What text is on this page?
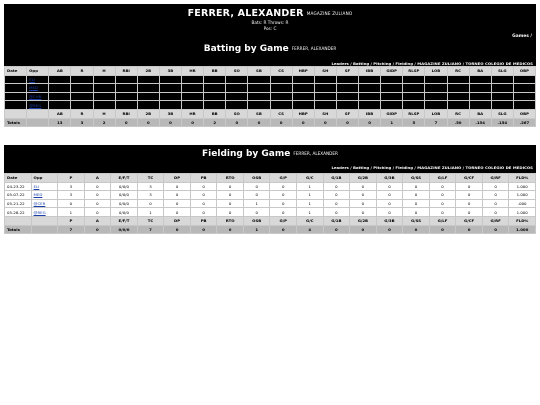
FERRER, ALEXANDER MAGAZINE ZULIANO
Bats: R Throws: R
Pos: C
Games /
Batting by Game FERRER, ALEXANDER
Leaders / Batting / Pitching / Fielding / MAGAZINE ZULIANO / TORNEO COLEGIO DE MEDICOS
Date	Opp	AB	R	H	RBI	2B	3B	HR	BB	SO	SB	CS	HBP	SH	SF	IBB	GIDP	RLSP	LOB	RC	BA	SLG	OBP
04-23-22	ELI	4	1	2	0	0	0	0	0	0	0	0	0	0	0	0	0	0	1	1.00	.500	.500	.500
05-07-22	MED	3	1	0	0	0	0	0	1	0	0	0	0	0	0	0	1	2	2	.00	.000	.000	.250
05-21-22	@CHR	2	1	0	0	0	0	0	0	0	0	0	0	0	0	0	0	0	0	.00	.000	.000	.000
05-28-22	@REG	4	0	0	0	0	0	0	1	0	0	0	0	0	0	0	0	3	4	.05	.000	.000	.000
		AB	R	H	RBI	2B	3B	HR	BB	SO	SB	CS	HBP	SH	SF	IBB	GIDP	RLSP	LOB	RC	BA	SLG	OBP
Totals		13	3	2	0	0	0	0	2	0	0	0	0	0	0	0	1	5	7	.50	.154	.154	.267
Fielding by Game FERRER, ALEXANDER
Leaders / Batting / Pitching / Fielding / MAGAZINE ZULIANO / TORNEO COLEGIO DE MEDICOS
Date	Opp	P	A	E/F/T	TC	DP	PB	RTO	OSB	G/P	G/C	G/1B	G/2B	G/3B	G/SS	G/LF	G/CF	G/RF	FLD%
04-23-22	ELI	3	0	0/0/0	3	0	0	0	0	0	1	0	0	0	0	0	0	0	1.000
05-07-22	MED	3	0	0/0/0	3	0	0	0	0	0	1	0	0	0	0	0	0	0	1.000
05-21-22	@CER	0	0	0/0/0	0	0	0	0	1	0	1	0	0	0	0	0	0	0	.000
05-28-22	@REG	1	0	0/0/0	1	0	0	0	0	0	1	0	0	0	0	0	0	0	1.000
		P	A	E/F/T	TC	DP	PB	RTO	OSB	G/P	G/C	G/1B	G/2B	G/3B	G/SS	G/LF	G/CF	G/RF	FLD%
Totals		7	0	0/0/0	7	0	0	0	1	0	4	0	0	0	0	0	0	0	1.000
